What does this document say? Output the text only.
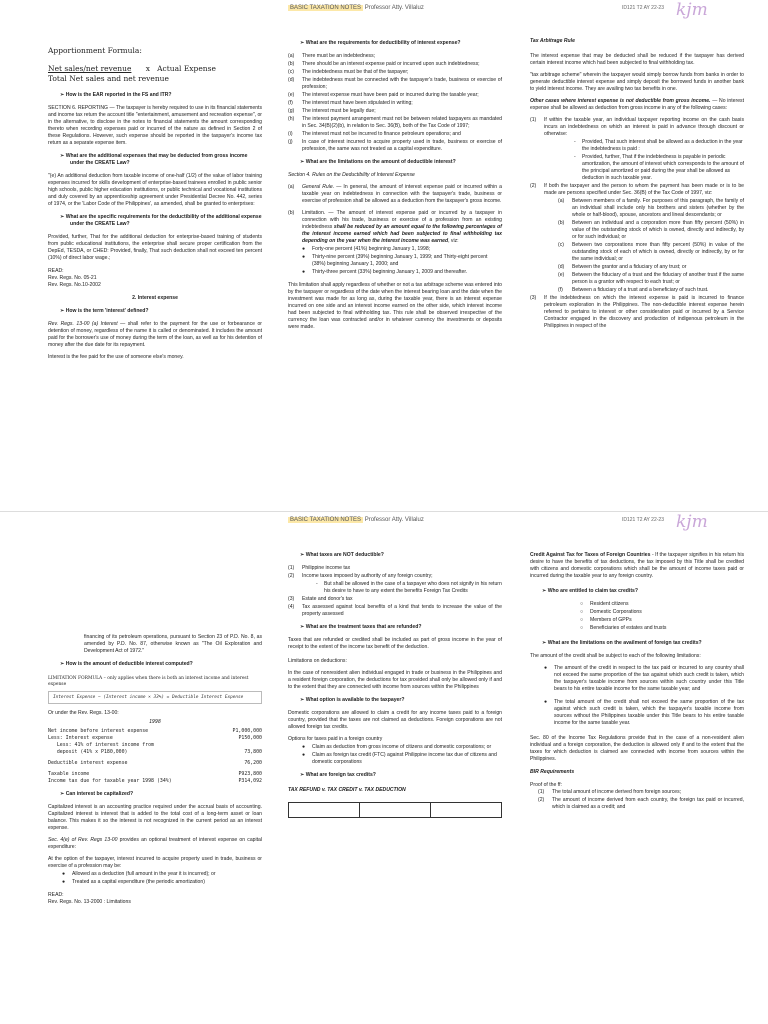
BASIC TAXATION NOTES Professor Atty. Villaluz	ID121 T2 AY 22-23 kjm
Apportionment Formula:
Net sales/net revenue x Actual Expense
Total Net sales and net revenue
➢ How is the EAR reported in the FS and ITR?

SECTION 6. REPORTING — The taxpayer is hereby required to use in its financial statements and income tax return the account title "entertainment, amusement and recreation expense", or in the alternative, to disclose in the notes to financial statements the amount corresponding thereto when recording expenses paid or incurred of the nature as defined in Section 2 of these Regulations. However, such expense should be reported in the taxpayer's income tax return as a separate expense item.

➢ What are the additional expenses that may be deducted from gross income under the CREATE Law?

"(e) An additional deduction from taxable income of one-half (1/2) of the value of labor training expenses incurred for skills development of enterprise-based trainees enrolled in public senior high schools, public higher education institutions, or public technical and vocational institutions and duly covered by an apprenticeship agreement under Presidential Decree No. 442, series of 1974, or the 'Labor Code of the Philippines', as amended, shall be granted to enterprises:

➢ What are the specific requirements for the deductibility of the additional expense under the CREATE Law?

Provided, further, That for the additional deduction for enterprise-based training of students from public educational institutions, the enterprise shall secure proper certification from the DepEd, TESDA, or CHED: Provided, finally, That such deduction shall not exceed ten percent (10%) of direct labor wage.;

READ:
Rev. Regs. No. 05-21
Rev. Regs. No.10-2002
2. Interest expense
➢ How is the term 'interest' defined?

Rev. Regs. 13-00 (a) Interest — shall refer to the payment for the use or forbearance or detention of money, regardless of the name it is called or denominated. It includes the amount paid for the borrower's use of money during the term of the loan, as well as for his detention of money after the due date for its repayment.

Interest is the fee paid for the use of someone else's money.

➢ What are the requirements for deductibility of interest expense?
(a)	There must be an indebtedness;
(b)	There should be an interest expense paid or incurred upon such indebtedness;
(c)	The indebtedness must be that of the taxpayer;
(d)	The indebtedness must be connected with the taxpayer's trade, business or exercise of profession;
(e)	The interest expense must have been paid or incurred during the taxable year;
(f)	The interest must have been stipulated in writing;
(g)	The interest must be legally due;
(h)	The interest payment arrangement must not be between related taxpayers as mandated in Sec. 34(B)(2)(b), in relation to Sec. 36(B), both of the Tax Code of 1997;
(i)	The interest must not be incurred to finance petroleum operations; and
(j)	In case of interest incurred to acquire property used in trade, business or exercise of profession, the same was not treated as a capital expenditure.
➢ What are the limitations on the amount of deductible interest?

Section 4. Rules on the Deductibility of Interest Expense

(a)	General Rule. — In general, the amount of interest expense paid or incurred within a taxable year on indebtedness in connection with the taxpayer's trade, business or exercise of profession shall be allowed as a deduction from the taxpayer's gross income.
(b)	Limitation. — The amount of interest expense paid or incurred by a taxpayer in connection with his trade, business or exercise of a profession from an existing indebtedness shall be reduced by an amount equal to the following percentages of the interest income earned which had been subjected to final withholding tax depending on the year when the interest income was earned, viz:
●	Forty-one percent (41%) beginning January 1, 1998;
●	Thirty-nine percent (39%) beginning January 1, 1999; and Thirty-eight percent (38%) beginning January 1, 2000; and
●	Thirty-three percent (33%) beginning January 1, 2009 and thereafter.

This limitation shall apply regardless of whether or not a tax arbitrage scheme was entered into by the taxpayer or regardless of the date when the interest bearing loan and the date when the investment was made for as long as, during the taxable year, there is an interest expense incurred on one side and an interest income earned on the other side, which interest income had been subjected to final withholding tax. This rule shall be observed irrespective of the currency the loan was contracted and/or in whatever currency the investments or deposits were made.

Tax Arbitrage Rule

The interest expense that may be deducted shall be reduced if the taxpayer has derived certain interest income which had been subjected to final withholding tax.

"tax arbitrage scheme" wherein the taxpayer would simply borrow funds from banks in order to generate deductible interest expense and simply deposit the borrowed funds in another bank to yield interest income. They are availing two tax benefits in one.

Other cases where interest expense is not deductible from gross income. — No interest expense shall be allowed as deduction from gross income in any of the following cases:

(1)	If within the taxable year, an individual taxpayer reporting income on the cash basis incurs an indebtedness on which an interest is paid in advance through discount or otherwise:
-	Provided, That such interest shall be allowed as a deduction in the year the indebtedness is paid :
-	Provided, further, That if the indebtedness is payable in periodic amortization, the amount of interest which corresponds to the amount of the principal amortized or paid during the year shall be allowed as deduction in such taxable year.
(2)	If both the taxpayer and the person to whom the payment has been made or is to be made are persons specified under Sec. 36(B) of the Tax Code of 1997, viz:
(a)	Between members of a family. For purposes of this paragraph, the family of an individual shall include only his brothers and sisters (whether by the whole or half-blood), spouse, ancestors and lineal descendants; or
(b)	Between an individual and a corporation more than fifty percent (50%) in value of the outstanding stock of which is owned, directly and indirectly, by or for such individual; or
(c)	Between two corporations more than fifty percent (50%) in value of the outstanding stock of each of which is owned, directly or indirectly, by or for the same individual; or
(d)	Between the grantor and a fiduciary of any trust; or
(e)	Between the fiduciary of a trust and the fiduciary of another trust if the same person is a grantor with respect to each trust; or
(f)	Between a fiduciary of a trust and a beneficiary of such trust.
(3)	If the indebtedness on which the interest expense is paid is incurred to finance petroleum exploration in the Philippines. The non-deductible interest expense herein referred to pertains to interest or other consideration paid or incurred by a Service Contractor engaged in the discovery and production of indigenous petroleum in the Philippines in respect of the
BASIC TAXATION NOTES Professor Atty. Villaluz	ID121 T2 AY 22-23 kjm

financing of its petroleum operations, pursuant to Section 23 of P.D. No. 8, as amended by P.D. No. 87, otherwise known as "The Oil Exploration and Development Act of 1972."

➢ How is the amount of deductible interest computed?
LIMITATION FORMULA – only applies when there is both an interest income and interest expense
Interest Expense − (Interest income × 33%) = Deductible Interest Expense
Or under the Rev. Regs. 13-00:
1998
Net income before interest expense	P1,000,000
Less: Interest expense	P150,000
Less: 41% of interest income from
deposit (41% x P180,000)	73,800
Deductible interest expense	76,200
Taxable income	P923,800
Income tax due for taxable year 1998 (34%)	P314,092
➢ Can interest be capitalized?

Capitalized interest is an accounting practice required under the accrual basis of accounting. Capitalized interest is interest that is added to the total cost of a long-term asset or loan balance. This makes it so the interest is not recognized in the current period as an interest expense.

Sec. 4(e) of Rev. Regs 13-00 provides an optional treatment of interest expense on capital expenditure:

At the option of the taxpayer, interest incurred to acquire property used in trade, business or exercise of a profession may be:

●	Allowed as a deduction (full amount in the year it is incurred); or
●	Treated as a capital expenditure (the periodic amortization)
READ:
Rev. Regs. No. 13-2000 : Limitations
➢ What taxes are NOT deductible?
(1)	Philippine income tax
(2)	Income taxes imposed by authority of any foreign country;
-	But shall be allowed in the case of a taxpayer who does not signify in his return his desire to have to any extent the benefits Foreign Tax Credits
(3)	Estate and donor's tax
(4)	Tax assessed against local benefits of a kind that tends to increase the value of the property assessed
➢ What are the treatment taxes that are refunded?

Taxes that are refunded or credited shall be included as part of gross income in the year of receipt to the extent of the income tax benefit of the deduction.

Limitations on deductions:

In the case of nonresident alien individual engaged in trade or business in the Philippines and a resident foreign corporation, the deductions for tax provided shall only be allowed only if and to the extent that they are connected with income from sources within the Philippines

➢ What option is available to the taxpayer?

Domestic corporations are allowed to claim a credit for any income taxes paid to a foreign country, provided that the taxes are not claimed as deductions. Foreign corporations are not allowed foreign tax credits.

Options for taxes paid in a foreign country

●	Claim as deduction from gross income of citizens and domestic corporations; or
●	Claim as foreign tax credit (FTC) against Philippine income tax due of citizens and domestic corporations
➢ What are foreign tax credits?
TAX REFUND v. TAX CREDIT v. TAX DEDUCTION

Credit Against Tax for Taxes of Foreign Countries - If the taxpayer signifies in his return his desire to have the benefits of tax deductions, the tax imposed by this Title shall be credited with citizens and domestic corporations which shall be the amount of income taxes paid or incurred during the taxable year to any foreign country.

➢ Who are entitled to claim tax credits?
○	Resident citizens
○	Domestic Corporations
○	Members of GPPs
○	Beneficiaries of estates and trusts
➢ What are the limitations on the availment of foreign tax credits?

The amount of the credit shall be subject to each of the following limitations:

●	The amount of the credit in respect to the tax paid or incurred to any country shall not exceed the same proportion of the tax against which such credit is taken, which the taxpayer's taxable income from sources within such country under this Title bears to his entire taxable income for the same taxable year; and
●	The total amount of the credit shall not exceed the same proportion of the tax against which such credit is taken, which the taxpayer's taxable income from sources without the Philippines taxable under this Title bears to his entire taxable income for the same taxable year.

Sec. 80 of the Income Tax Regulations provide that in the case of a non-resident alien individual and a foreign corporation, the deduction is allowed only if and to the extent that the taxes for which deduction is claimed are connected with income from sources within the Philippines.

BIR Requirements
Proof of the ff:
(1)	The total amount of income derived from foreign sources;
(2)	The amount of income derived from each country, the foreign tax paid or incurred, which is claimed as a credit; and
